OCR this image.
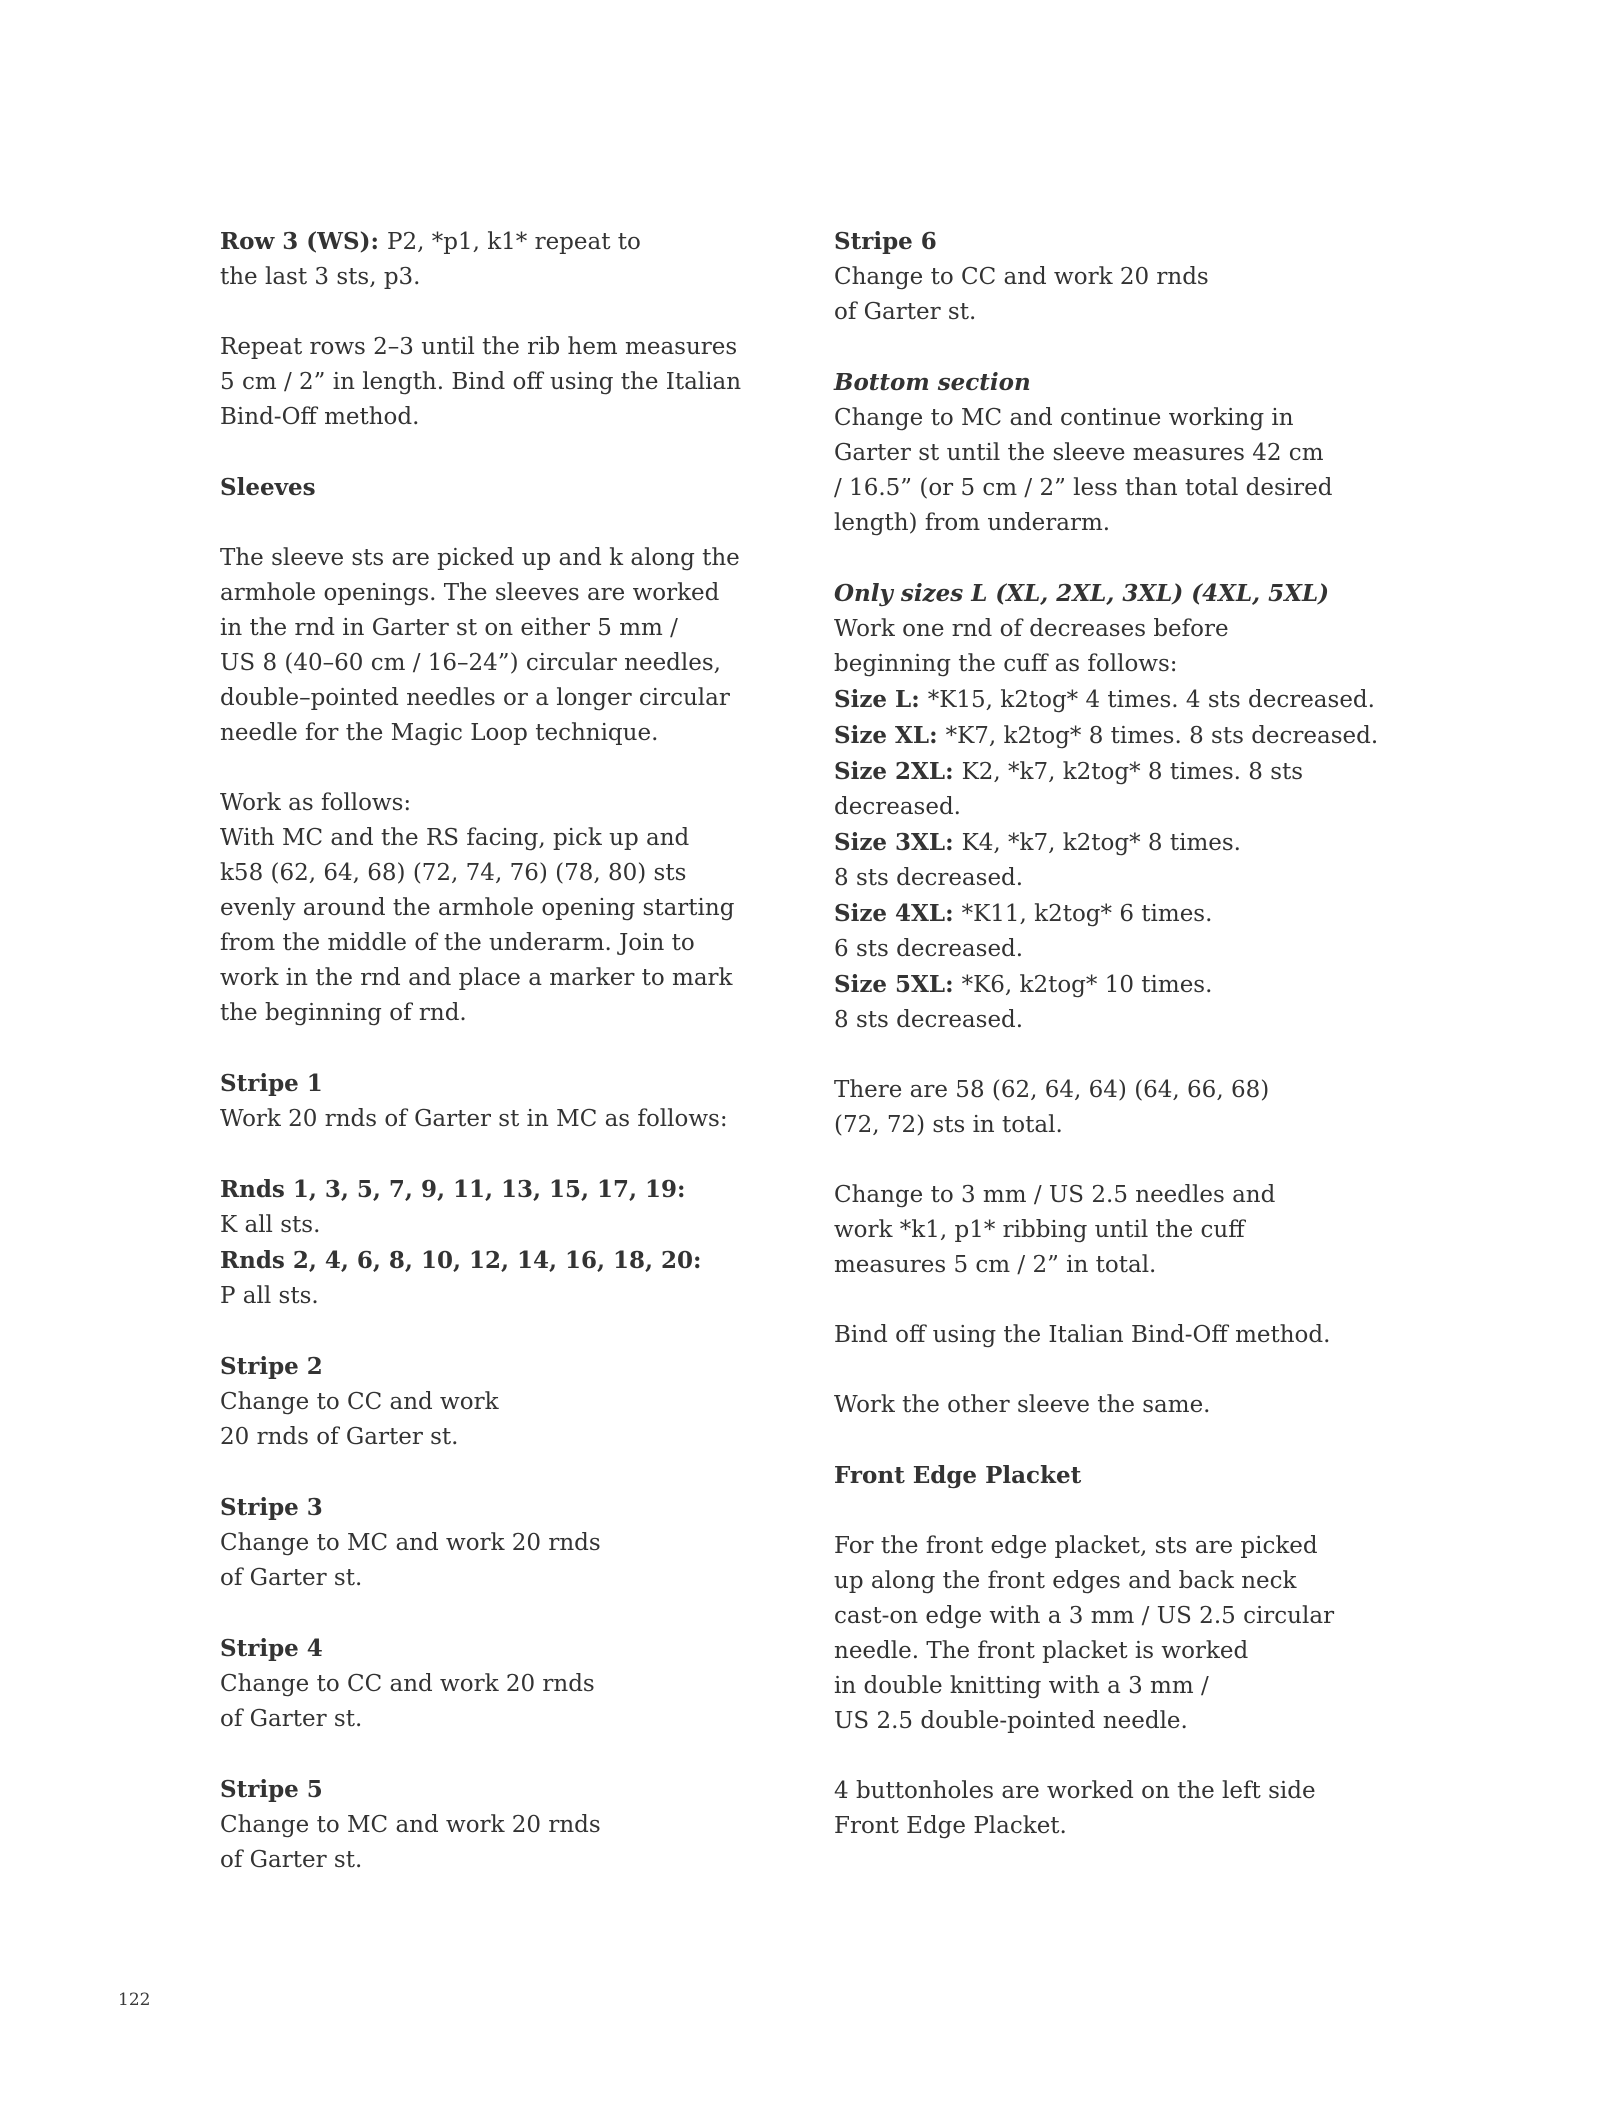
Row 3 (WS): P2, *p1, k1* repeat to
the last 3 sts, p3.
Repeat rows 2–3 until the rib hem measures
5 cm / 2” in length. Bind off using the Italian
Bind-Off method.
Sleeves
The sleeve sts are picked up and k along the
armhole openings. The sleeves are worked
in the rnd in Garter st on either 5 mm /
US 8 (40–60 cm / 16–24”) circular needles,
double–pointed needles or a longer circular
needle for the Magic Loop technique.
Work as follows:
With MC and the RS facing, pick up and
k58 (62, 64, 68) (72, 74, 76) (78, 80) sts
evenly around the armhole opening starting
from the middle of the underarm. Join to
work in the rnd and place a marker to mark
the beginning of rnd.
Stripe 1
Work 20 rnds of Garter st in MC as follows:
Rnds 1, 3, 5, 7, 9, 11, 13, 15, 17, 19:
K all sts.
Rnds 2, 4, 6, 8, 10, 12, 14, 16, 18, 20:
P all sts.
Stripe 2
Change to CC and work
20 rnds of Garter st.
Stripe 3
Change to MC and work 20 rnds
of Garter st.
Stripe 4
Change to CC and work 20 rnds
of Garter st.
Stripe 5
Change to MC and work 20 rnds
of Garter st.
Stripe 6
Change to CC and work 20 rnds
of Garter st.
Bottom section
Change to MC and continue working in
Garter st until the sleeve measures 42 cm
/ 16.5” (or 5 cm / 2” less than total desired
length) from underarm.
Only sizes L (XL, 2XL, 3XL) (4XL, 5XL)
Work one rnd of decreases before
beginning the cuff as follows:
Size L: *K15, k2tog* 4 times. 4 sts decreased.
Size XL: *K7, k2tog* 8 times. 8 sts decreased.
Size 2XL: K2, *k7, k2tog* 8 times. 8 sts
decreased.
Size 3XL: K4, *k7, k2tog* 8 times.
8 sts decreased.
Size 4XL: *K11, k2tog* 6 times.
6 sts decreased.
Size 5XL: *K6, k2tog* 10 times.
8 sts decreased.
There are 58 (62, 64, 64) (64, 66, 68)
(72, 72) sts in total.
Change to 3 mm / US 2.5 needles and
work *k1, p1* ribbing until the cuff
measures 5 cm / 2” in total.
Bind off using the Italian Bind-Off method.
Work the other sleeve the same.
Front Edge Placket
For the front edge placket, sts are picked
up along the front edges and back neck
cast-on edge with a 3 mm / US 2.5 circular
needle. The front placket is worked
in double knitting with a 3 mm /
US 2.5 double-pointed needle.
4 buttonholes are worked on the left side
Front Edge Placket.
122
